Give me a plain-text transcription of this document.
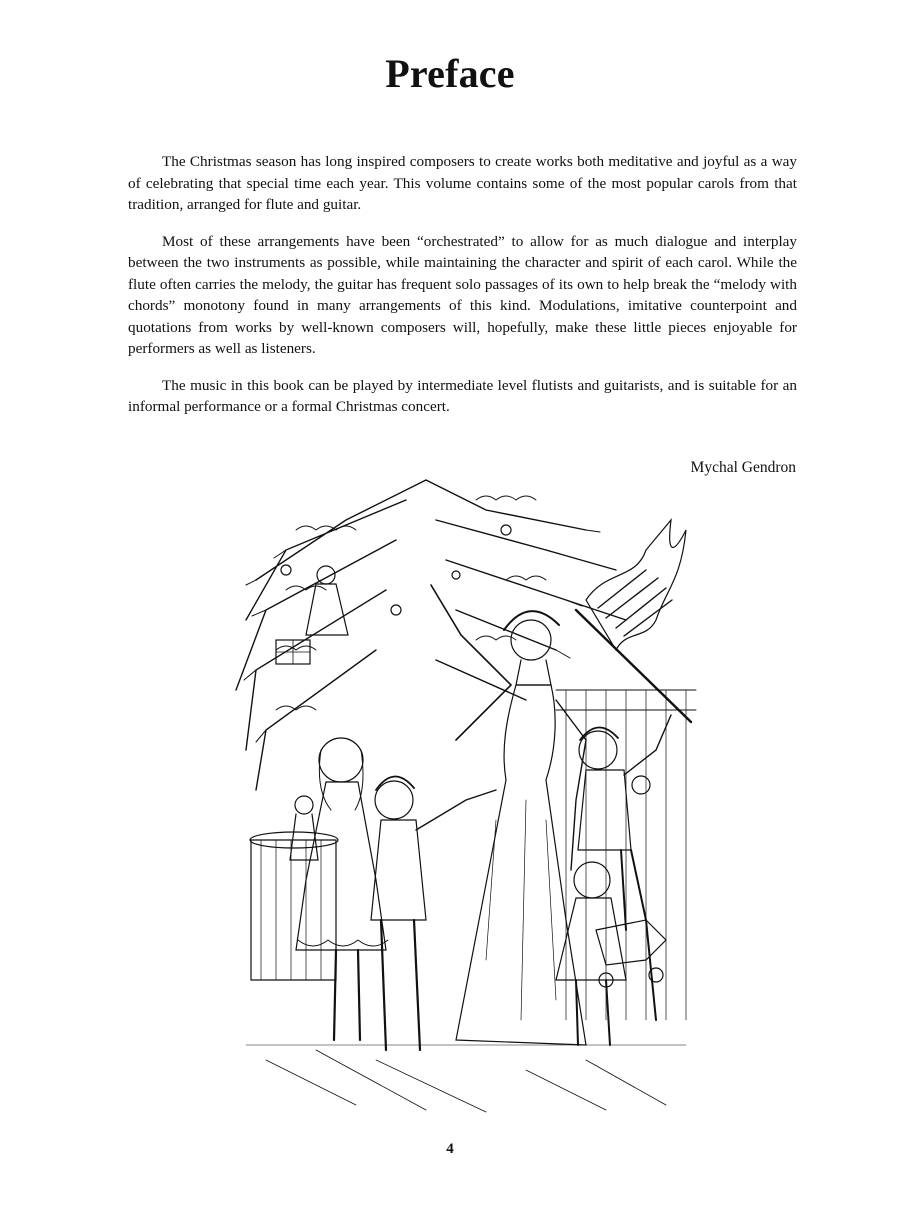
Preface

The Christmas season has long inspired composers to create works both meditative and joyful as a way of celebrating that special time each year. This volume contains some of the most popular carols from that tradition, arranged for flute and guitar.

Most of these arrangements have been “orchestrated” to allow for as much dialogue and interplay between the two instruments as possible, while maintaining the character and spirit of each carol. While the flute often carries the melody, the guitar has frequent solo passages of its own to help break the “melody with chords” monotony found in many arrangements of this kind. Modulations, imitative counterpoint and quotations from works by well-known composers will, hopefully, make these little pieces enjoyable for performers as well as listeners.

The music in this book can be played by intermediate level flutists and guitarists, and is suitable for an informal performance or a formal Christmas concert.

Mychal Gendron
4
